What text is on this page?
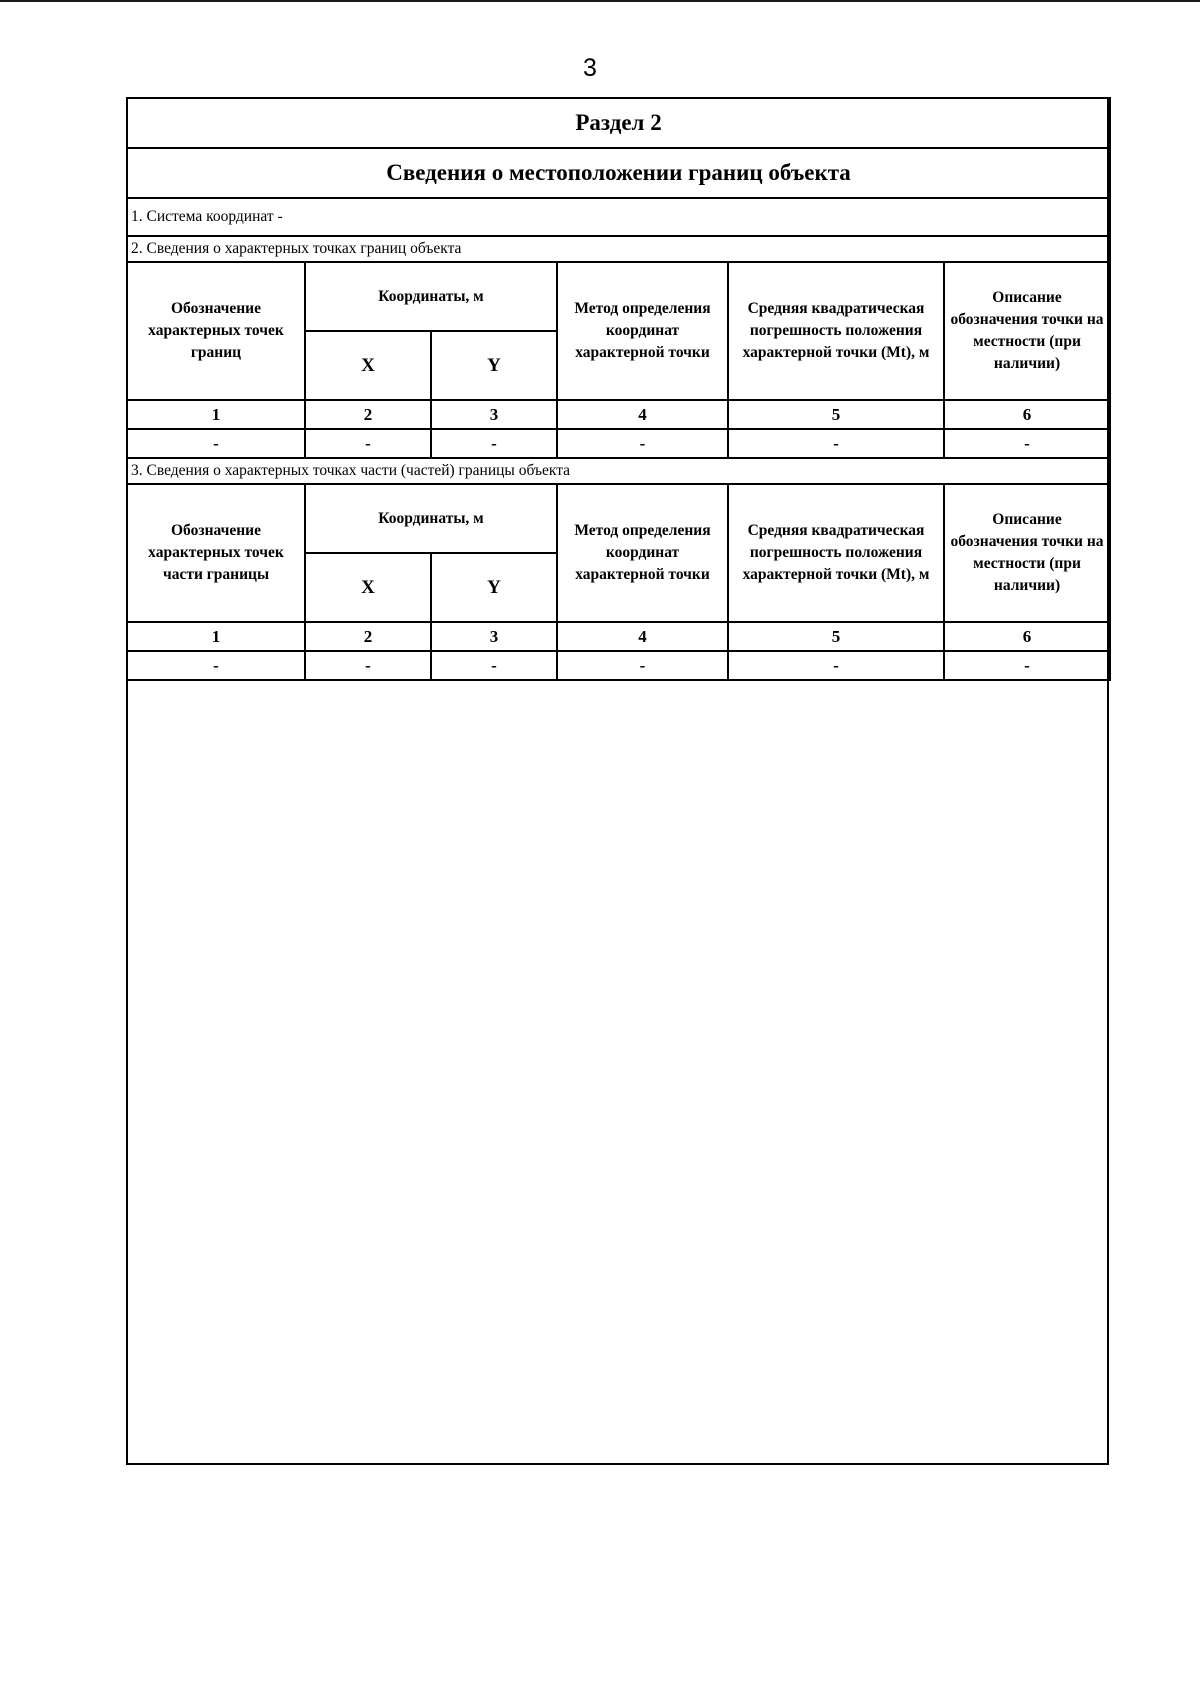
3
Раздел 2					
Сведения о местоположении границ объекта					
1. Система координат -					
2. Сведения о характерных точках границ объекта					
Обозначение характерных точек границ	Координаты, м		Метод определения координат характерной точки	Средняя квадратическая погрешность положения характерной точки (Mt), м	Описание обозначения точки на местности (при наличии)
	X	Y			
1	2	3	4	5	6
-	-	-	-	-	-
3. Сведения о характерных точках части (частей) границы объекта					
Обозначение характерных точек части границы	Координаты, м		Метод определения координат характерной точки	Средняя квадратическая погрешность положения характерной точки (Mt), м	Описание обозначения точки на местности (при наличии)
	X	Y			
1	2	3	4	5	6
-	-	-	-	-	-
